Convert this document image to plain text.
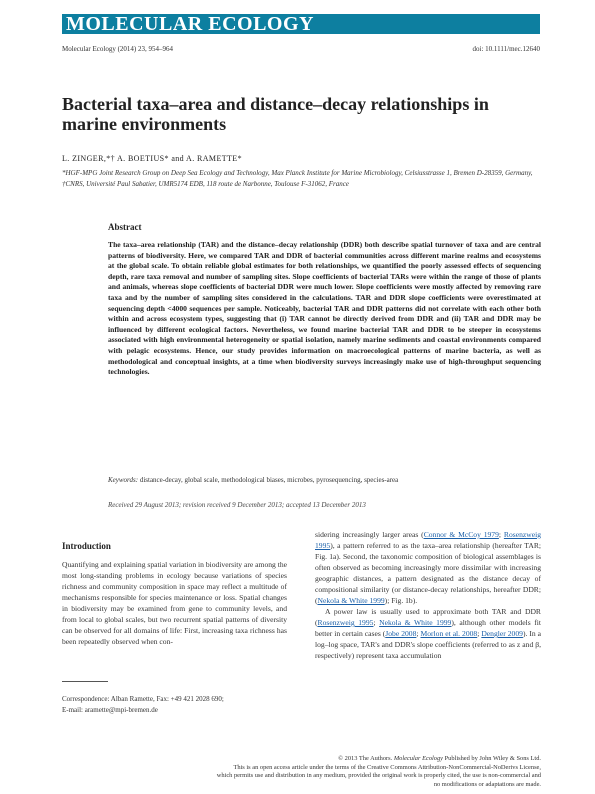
MOLECULAR ECOLOGY
Molecular Ecology (2014) 23, 954–964	doi: 10.1111/mec.12640
Bacterial taxa–area and distance–decay relationships in marine environments
L. ZINGER,*† A. BOETIUS* and A. RAMETTE*
*HGF-MPG Joint Research Group on Deep Sea Ecology and Technology, Max Planck Institute for Marine Microbiology, Celsiusstrasse 1, Bremen D-28359, Germany, †CNRS, Université Paul Sabatier, UMR5174 EDB, 118 route de Narbonne, Toulouse F-31062, France
Abstract
The taxa–area relationship (TAR) and the distance–decay relationship (DDR) both describe spatial turnover of taxa and are central patterns of biodiversity. Here, we compared TAR and DDR of bacterial communities across different marine realms and ecosystems at the global scale. To obtain reliable global estimates for both relationships, we quantified the poorly assessed effects of sequencing depth, rare taxa removal and number of sampling sites. Slope coefficients of bacterial TARs were within the range of those of plants and animals, whereas slope coefficients of bacterial DDR were much lower. Slope coefficients were mostly affected by removing rare taxa and by the number of sampling sites considered in the calculations. TAR and DDR slope coefficients were overestimated at sequencing depth <4000 sequences per sample. Noticeably, bacterial TAR and DDR patterns did not correlate with each other both within and across ecosystem types, suggesting that (i) TAR cannot be directly derived from DDR and (ii) TAR and DDR may be influenced by different ecological factors. Nevertheless, we found marine bacterial TAR and DDR to be steeper in ecosystems associated with high environmental heterogeneity or spatial isolation, namely marine sediments and coastal environments compared with pelagic ecosystems. Hence, our study provides information on macroecological patterns of marine bacteria, as well as methodological and conceptual insights, at a time when biodiversity surveys increasingly make use of high-throughput sequencing technologies.
Keywords: distance-decay, global scale, methodological biases, microbes, pyrosequencing, species-area
Received 29 August 2013; revision received 9 December 2013; accepted 13 December 2013
Introduction
Quantifying and explaining spatial variation in biodiversity are among the most long-standing problems in ecology because variations of species richness and community composition in space may reflect a multitude of mechanisms responsible for species maintenance or loss. Spatial changes in biodiversity may be examined from gene to community levels, and from local to global scales, but two recurrent spatial patterns of diversity can be observed for all domains of life: First, increasing taxa richness has been repeatedly observed when con-

sidering increasingly larger areas (Connor & McCoy 1979; Rosenzweig 1995), a pattern referred to as the taxa–area relationship (hereafter TAR; Fig. 1a). Second, the taxonomic composition of biological assemblages is often observed as becoming increasingly more dissimilar with increasing geographic distances, a pattern designated as the distance decay of compositional similarity (or distance-decay relationships, hereafter DDR; (Nekola & White 1999); Fig. 1b).

A power law is usually used to approximate both TAR and DDR (Rosenzweig 1995; Nekola & White 1999), although other models fit better in certain cases (Jobe 2008; Morlon et al. 2008; Dengler 2009). In a log–log space, TAR's and DDR's slope coefficients (referred to as z and β, respectively) represent taxa accumulation

Correspondence: Alban Ramette, Fax: +49 421 2028 690;
E-mail: aramette@mpi-bremen.de
© 2013 The Authors. Molecular Ecology Published by John Wiley & Sons Ltd.
This is an open access article under the terms of the Creative Commons Attribution-NonCommercial-NoDerivs License,
which permits use and distribution in any medium, provided the original work is properly cited, the use is non-commercial and
no modifications or adaptations are made.
